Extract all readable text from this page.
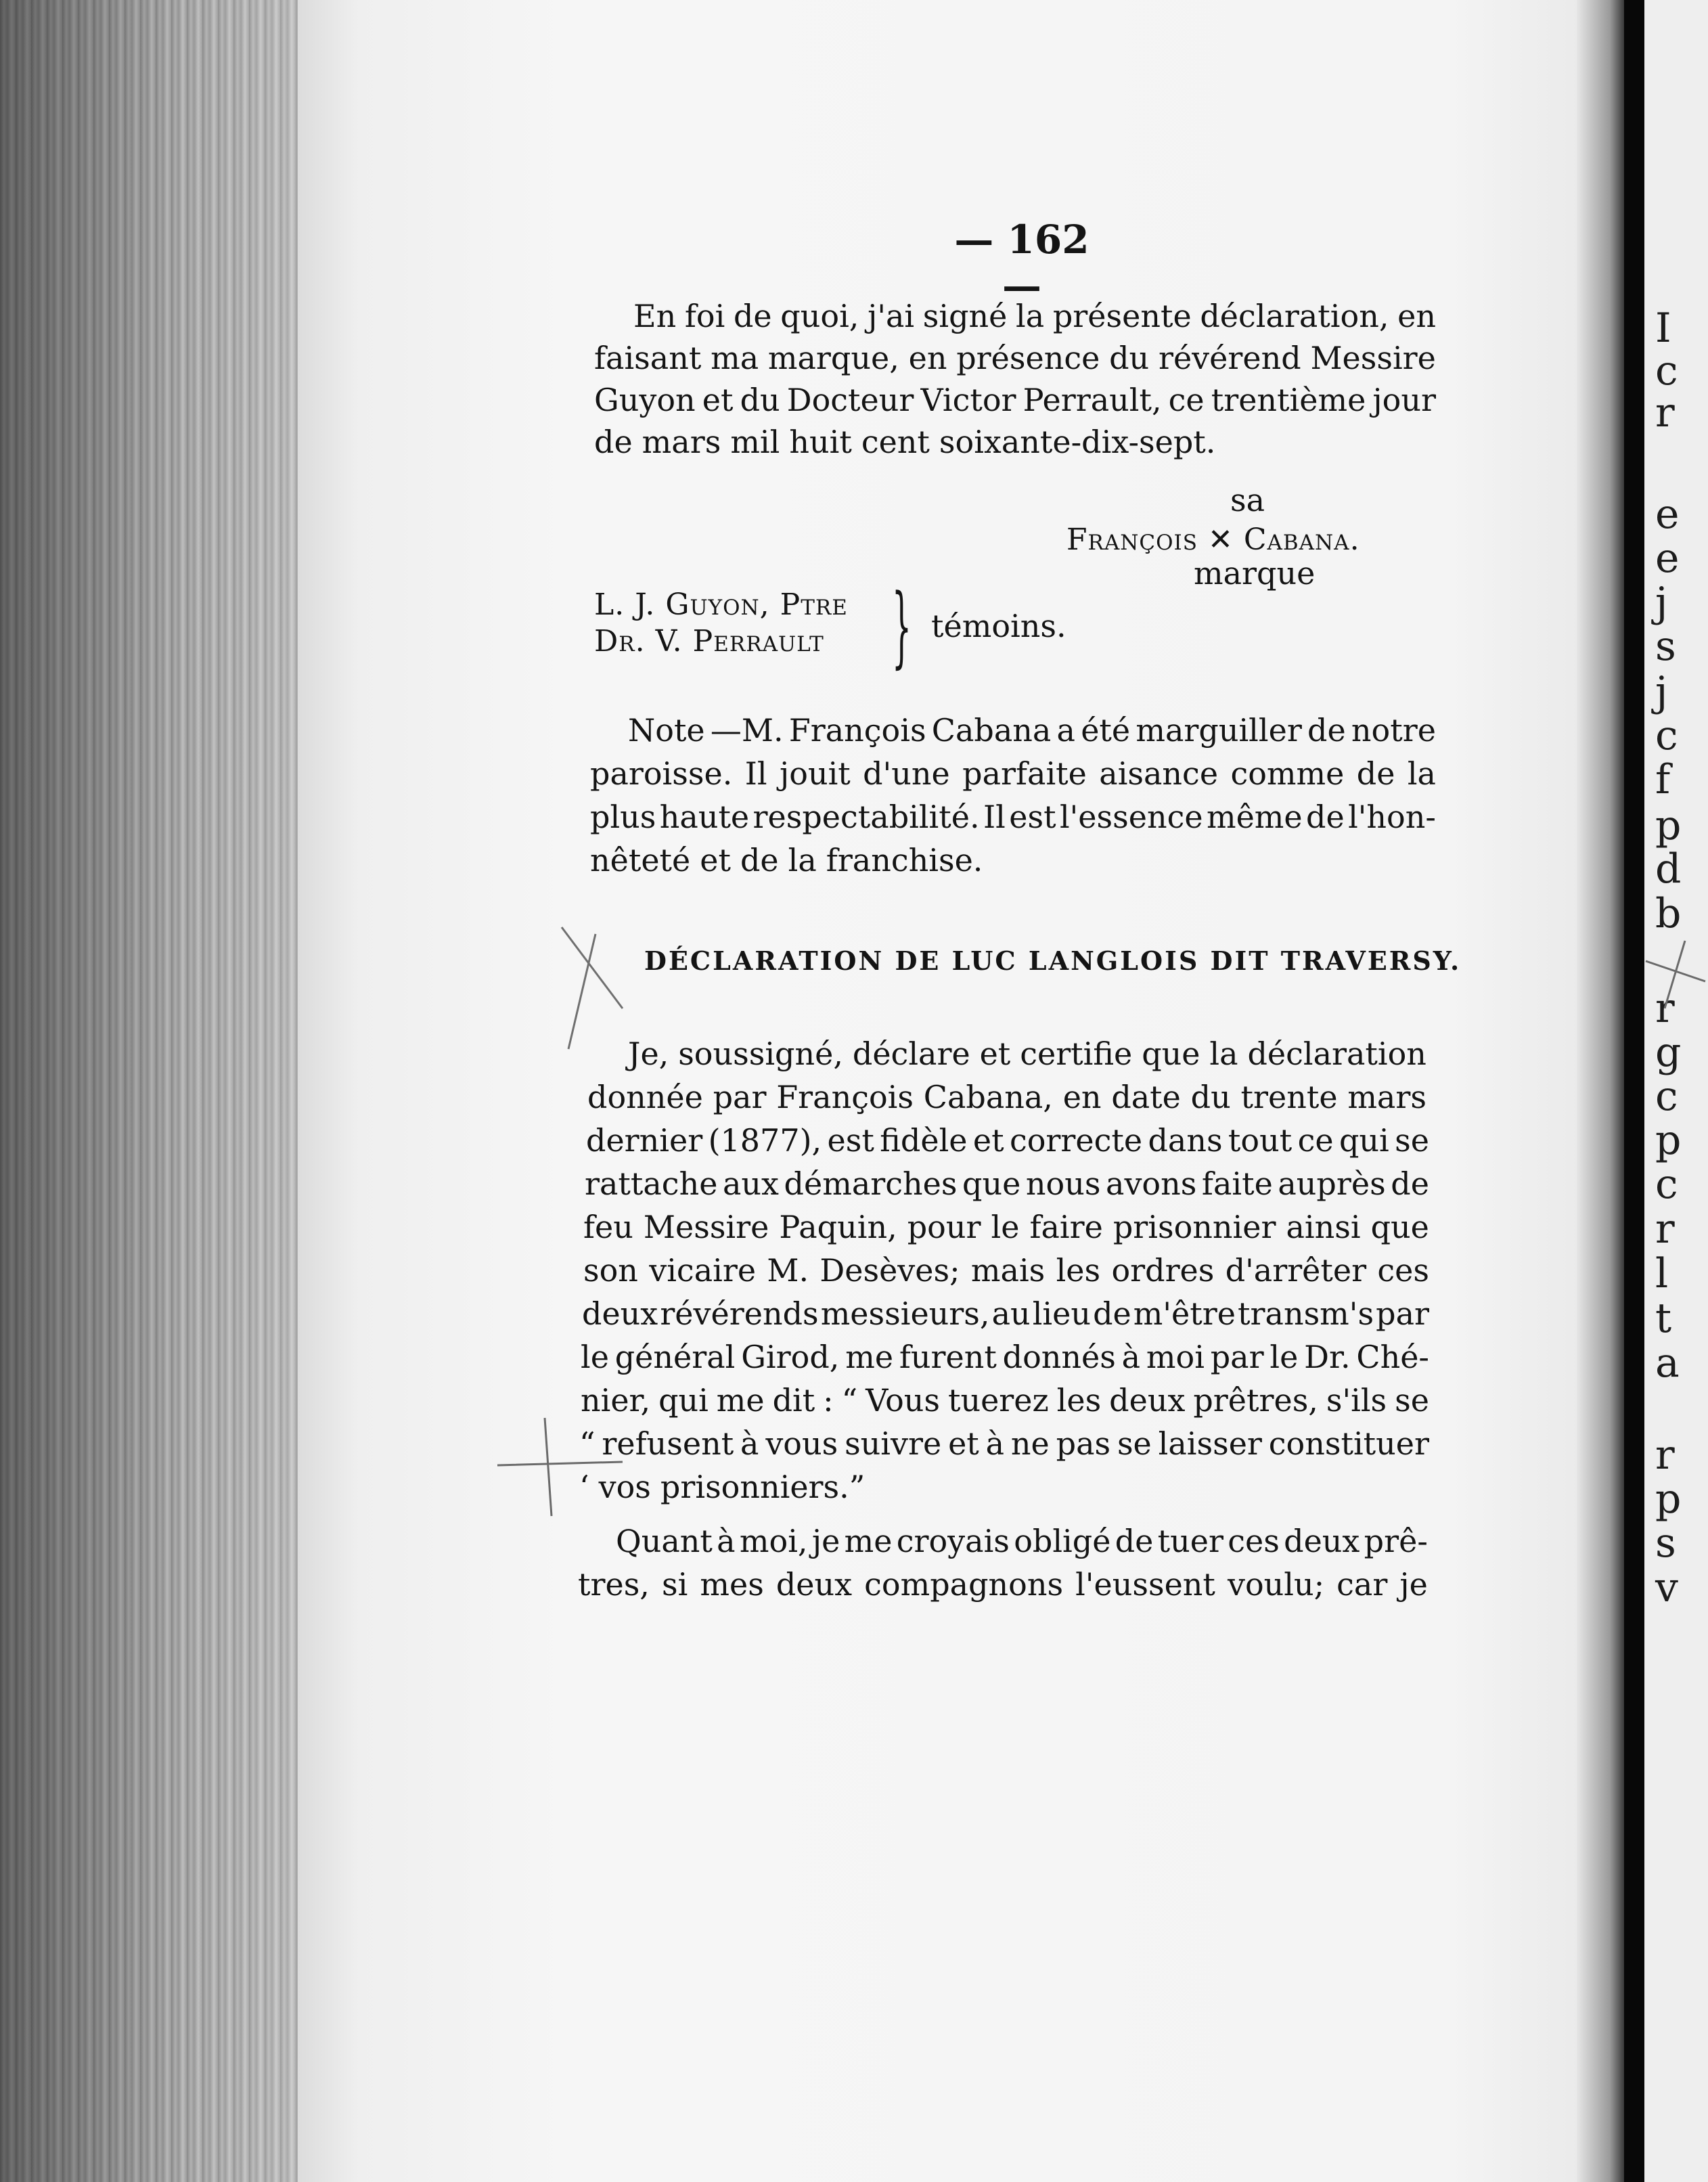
I
c
r
e
e
j
s
j
c
f
p
d
b
r
g
c
p
c
r
l
t
a
r
p
s
v
— 162 —
En foi de quoi, j'ai signé la présente déclaration, en
faisant ma marque, en présence du révérend Messire
Guyon et du Docteur Victor Perrault, ce trentième jour
de mars mil huit cent soixante-dix-sept.
sa
François ✕ Cabana.
marque
L. J. Guyon, Ptre
Dr. V. Perrault } témoins.
Note —M. François Cabana a été marguiller de notre
paroisse. Il jouit d'une parfaite aisance comme de la
plus haute respectabilité. Il est l'essence même de l'hon-
nêteté et de la franchise.
DÉCLARATION DE LUC LANGLOIS DIT TRAVERSY.
Je, soussigné, déclare et certifie que la déclaration
donnée par François Cabana, en date du trente mars
dernier (1877), est fidèle et correcte dans tout ce qui se
rattache aux démarches que nous avons faite auprès de
feu Messire Paquin, pour le faire prisonnier ainsi que
son vicaire M. Desèves; mais les ordres d'arrêter ces
deux révérends messieurs, au lieu de m'être transm's par
le général Girod, me furent donnés à moi par le Dr. Ché-
nier, qui me dit : “ Vous tuerez les deux prêtres, s'ils se
“ refusent à vous suivre et à ne pas se laisser constituer
‘ vos prisonniers.”
Quant à moi, je me croyais obligé de tuer ces deux prê-
tres, si mes deux compagnons l'eussent voulu; car je
